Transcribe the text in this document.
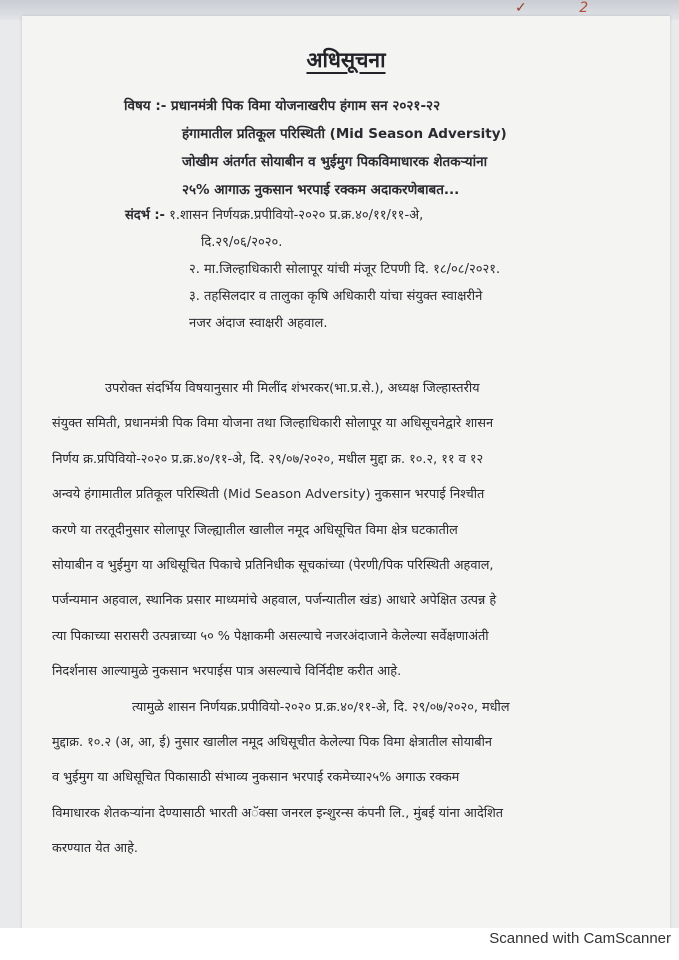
✓	2
अधिसूचना
विषय :- प्रधानमंत्री पिक विमा योजनाखरीप हंगाम सन २०२१-२२
हंगामातील प्रतिकूल परिस्थिती (Mid Season Adversity)
जोखीम अंतर्गत सोयाबीन व भुईमुग पिकविमाधारक शेतकऱ्यांना
२५% आगाऊ नुकसान भरपाई रक्कम अदाकरणेबाबत...
संदर्भ :- १.शासन निर्णयक्र.प्रपीवियो-२०२० प्र.क्र.४०/११/११-अे,
दि.२९/०६/२०२०.
२. मा.जिल्हाधिकारी सोलापूर यांची मंजूर टिपणी दि. १८/०८/२०२१.
३. तहसिलदार व तालुका कृषि अधिकारी यांचा संयुक्त स्वाक्षरीने
नजर अंदाज स्वाक्षरी अहवाल.
उपरोक्त संदर्भिय विषयानुसार मी मिलींद शंभरकर(भा.प्र.से.), अध्यक्ष जिल्हास्तरीय
संयुक्त समिती, प्रधानमंत्री पिक विमा योजना तथा जिल्हाधिकारी सोलापूर या अधिसूचनेद्वारे शासन
निर्णय क्र.प्रपिवियो-२०२० प्र.क्र.४०/११-अे, दि. २९/०७/२०२०, मधील मुद्दा क्र. १०.२, ११ व १२
अन्वये हंगामातील प्रतिकूल परिस्थिती (Mid Season Adversity) नुकसान भरपाई निश्चीत
करणे या तरतूदीनुसार सोलापूर जिल्ह्यातील खालील नमूद अधिसूचित विमा क्षेत्र घटकातील
सोयाबीन व भुईमुग या अधिसूचित पिकाचे प्रतिनिधीक सूचकांच्या (पेरणी/पिक परिस्थिती अहवाल,
पर्जन्यमान अहवाल, स्थानिक प्रसार माध्यमांचे अहवाल, पर्जन्यातील खंड) आधारे अपेक्षित उत्पन्न हे
त्या पिकाच्या सरासरी उत्पन्नाच्या ५० % पेक्षाकमी असल्याचे नजरअंदाजाने केलेल्या सर्वेक्षणाअंती
निदर्शनास आल्यामुळे नुकसान भरपाईस पात्र असल्याचे विर्निदीष्ट करीत आहे.
त्यामुळे शासन निर्णयक्र.प्रपीवियो-२०२० प्र.क्र.४०/११-अे, दि. २९/०७/२०२०, मधील
मुद्दाक्र. १०.२ (अ, आ, ई) नुसार खालील नमूद अधिसूचीत केलेल्या पिक विमा क्षेत्रातील सोयाबीन
व भुईमुग या अधिसूचित पिकासाठी संभाव्य नुकसान भरपाई रकमेच्या२५% अगाऊ रक्कम
विमाधारक शेतकऱ्यांना देण्यासाठी भारती अॅक्सा जनरल इन्शुरन्स कंपनी लि., मुंबई यांना आदेशित
करण्यात येत आहे.
Scanned with CamScanner
